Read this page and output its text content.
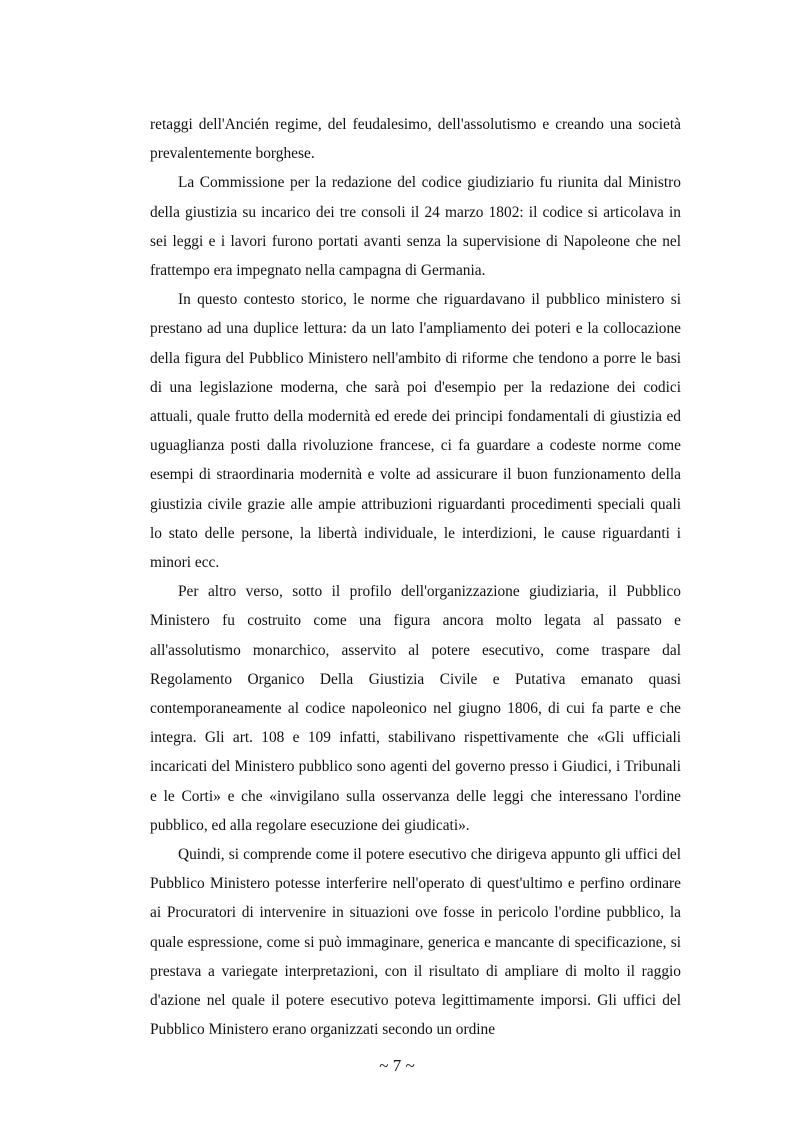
retaggi dell'Ancién regime, del feudalesimo, dell'assolutismo e creando una società prevalentemente borghese.

La Commissione per la redazione del codice giudiziario fu riunita dal Ministro della giustizia su incarico dei tre consoli il 24 marzo 1802: il codice si articolava in sei leggi e i lavori furono portati avanti senza la supervisione di Napoleone che nel frattempo era impegnato nella campagna di Germania.

In questo contesto storico, le norme che riguardavano il pubblico ministero si prestano ad una duplice lettura: da un lato l'ampliamento dei poteri e la collocazione della figura del Pubblico Ministero nell'ambito di riforme che tendono a porre le basi di una legislazione moderna, che sarà poi d'esempio per la redazione dei codici attuali, quale frutto della modernità ed erede dei principi fondamentali di giustizia ed uguaglianza posti dalla rivoluzione francese, ci fa guardare a codeste norme come esempi di straordinaria modernità e volte ad assicurare il buon funzionamento della giustizia civile grazie alle ampie attribuzioni riguardanti procedimenti speciali quali lo stato delle persone, la libertà individuale, le interdizioni, le cause riguardanti i minori ecc.

Per altro verso, sotto il profilo dell'organizzazione giudiziaria, il Pubblico Ministero fu costruito come una figura ancora molto legata al passato e all'assolutismo monarchico, asservito al potere esecutivo, come traspare dal Regolamento Organico Della Giustizia Civile e Putativa emanato quasi contemporaneamente al codice napoleonico nel giugno 1806, di cui fa parte e che integra. Gli art. 108 e 109 infatti, stabilivano rispettivamente che «Gli ufficiali incaricati del Ministero pubblico sono agenti del governo presso i Giudici, i Tribunali e le Corti» e che «invigilano sulla osservanza delle leggi che interessano l'ordine pubblico, ed alla regolare esecuzione dei giudicati».

Quindi, si comprende come il potere esecutivo che dirigeva appunto gli uffici del Pubblico Ministero potesse interferire nell'operato di quest'ultimo e perfino ordinare ai Procuratori di intervenire in situazioni ove fosse in pericolo l'ordine pubblico, la quale espressione, come si può immaginare, generica e mancante di specificazione, si prestava a variegate interpretazioni, con il risultato di ampliare di molto il raggio d'azione nel quale il potere esecutivo poteva legittimamente imporsi. Gli uffici del Pubblico Ministero erano organizzati secondo un ordine

~ 7 ~
